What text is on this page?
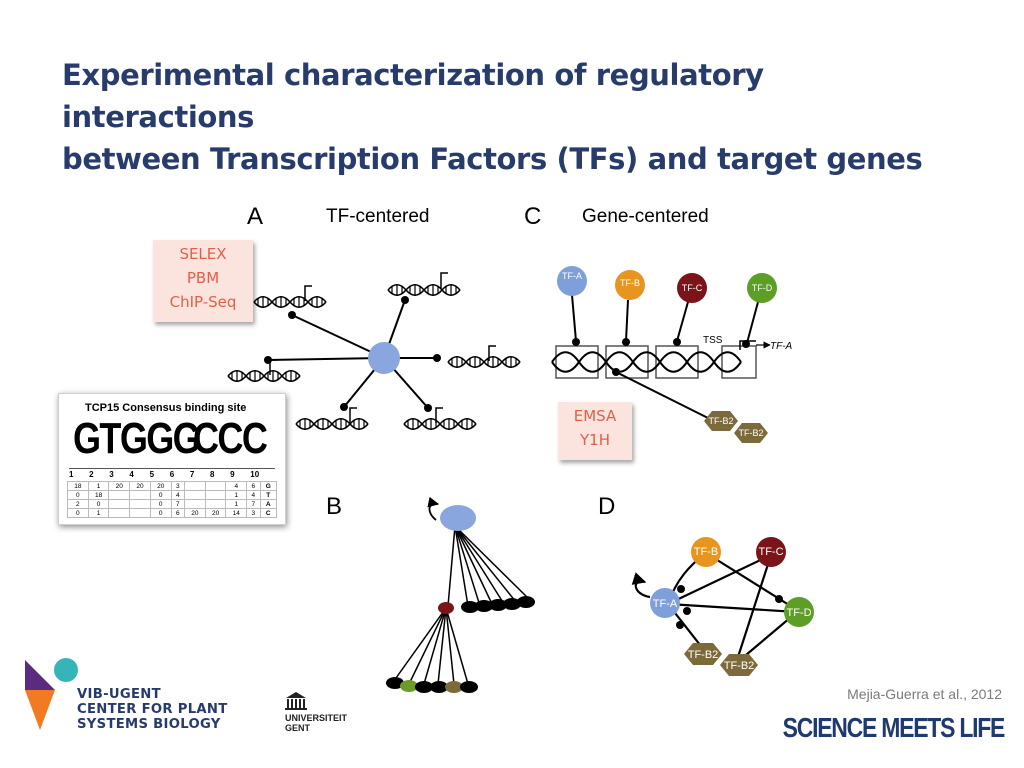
Experimental characterization of regulatory interactions
between Transcription Factors (TFs) and target genes
A	TF-centered	C Gene-centered
TSS
TF-A
TF-A
TF-B	TF-C	TF-D
TF-B2
TF-B2
B	D
TF-B	TF-C
TF-A
TF-D
TF-B2
TF-B2
SELEX
PBM
ChIP-Seq
EMSA
Y1H
TCP15 Consensus binding site
GTGGG CCC
1 2 3 4 5 6 7 8 9 10
18	1	20	20	20	3			4	6	G
0	18			0	4			1	4	T
2	0			0	7			1	7	A
0	1			0	6	20	20	14	3	C
VIB-UGENT
CENTER FOR PLANT
SYSTEMS BIOLOGY	UNIVERSITEIT
GENT
Mejia-Guerra et al., 2012
SCIENCE MEETS LIFE
